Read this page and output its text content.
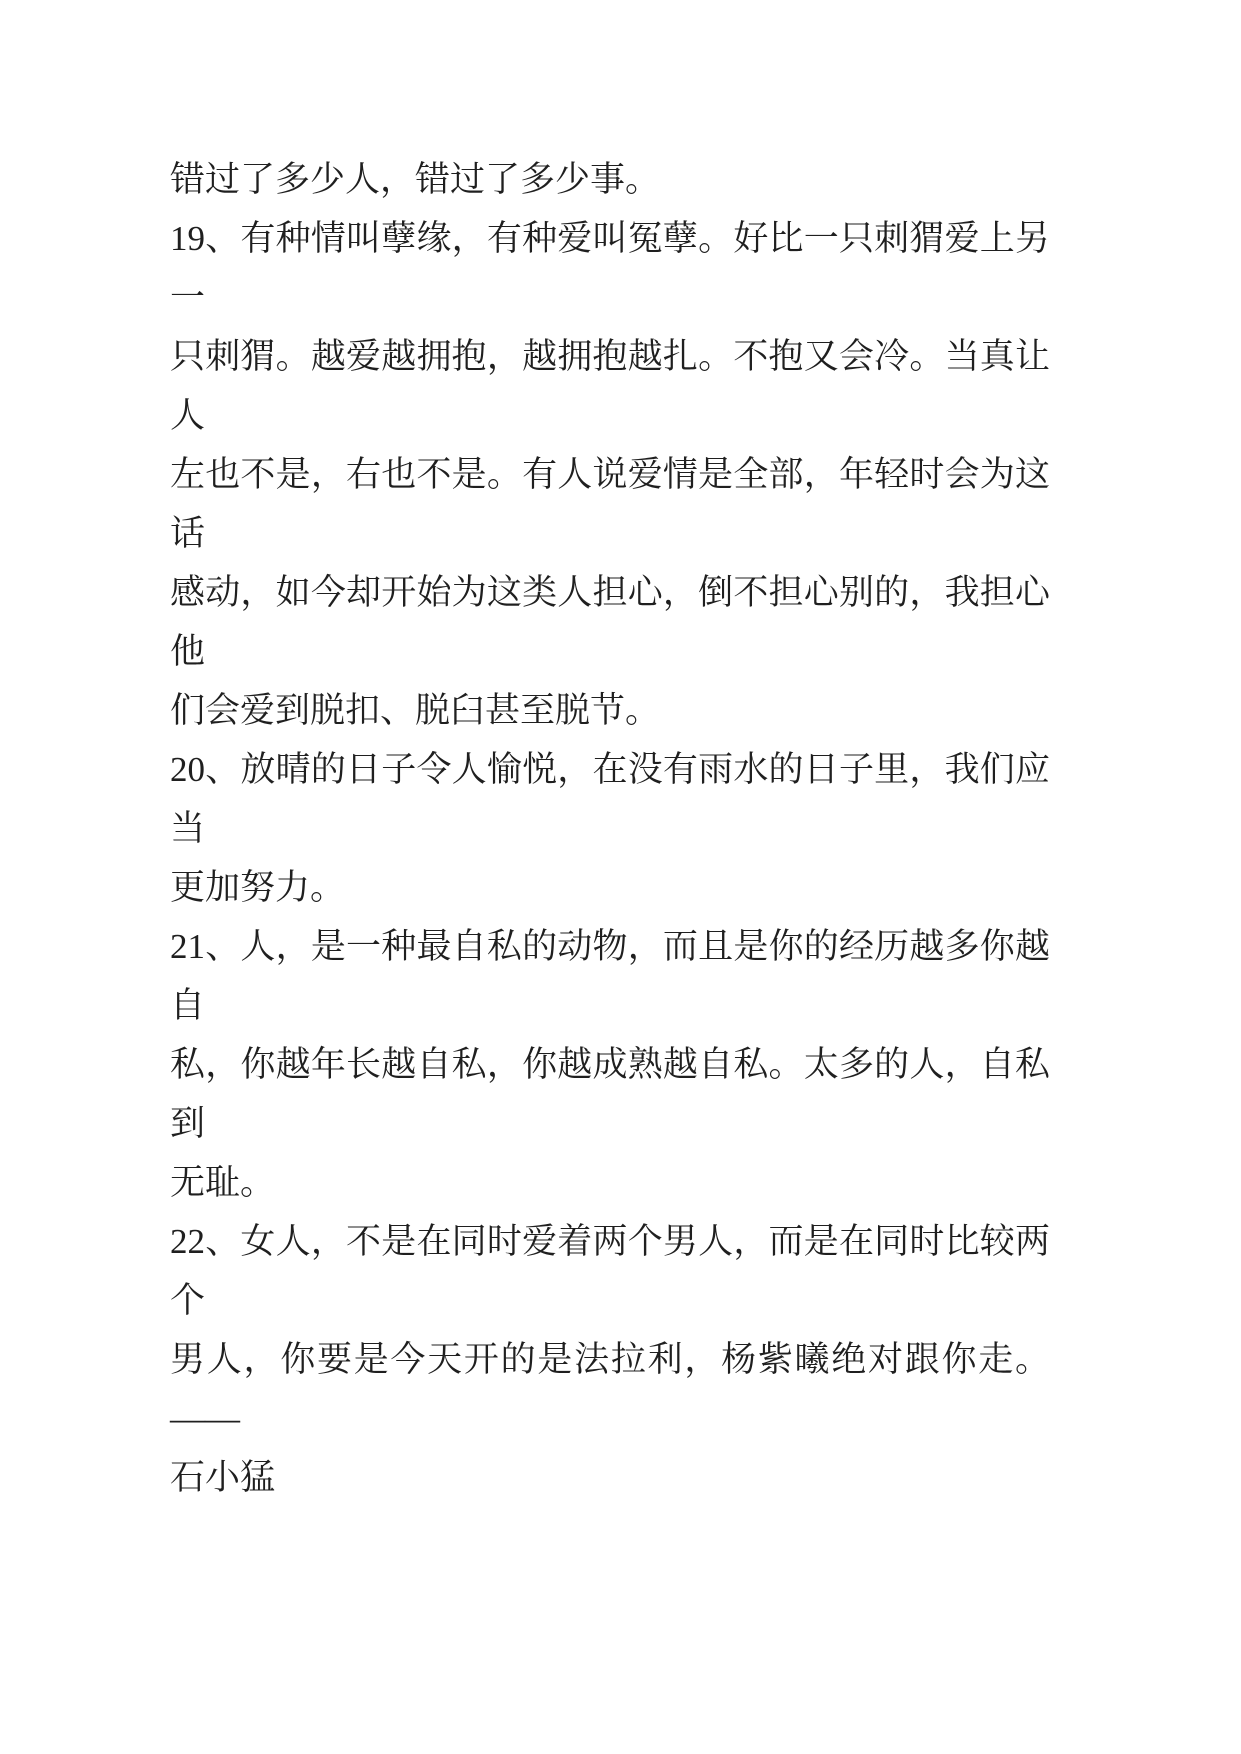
错过了多少人，错过了多少事。

19、有种情叫孽缘，有种爱叫冤孽。好比一只刺猬爱上另一

只刺猬。越爱越拥抱，越拥抱越扎。不抱又会冷。当真让人

左也不是，右也不是。有人说爱情是全部，年轻时会为这话

感动，如今却开始为这类人担心，倒不担心别的，我担心他

们会爱到脱扣、脱臼甚至脱节。

20、放晴的日子令人愉悦，在没有雨水的日子里，我们应当

更加努力。

21、人，是一种最自私的动物，而且是你的经历越多你越自

私，你越年长越自私，你越成熟越自私。太多的人，自私到

无耻。

22、女人，不是在同时爱着两个男人，而是在同时比较两个

男人，你要是今天开的是法拉利，杨紫曦绝对跟你走。——

石小猛
